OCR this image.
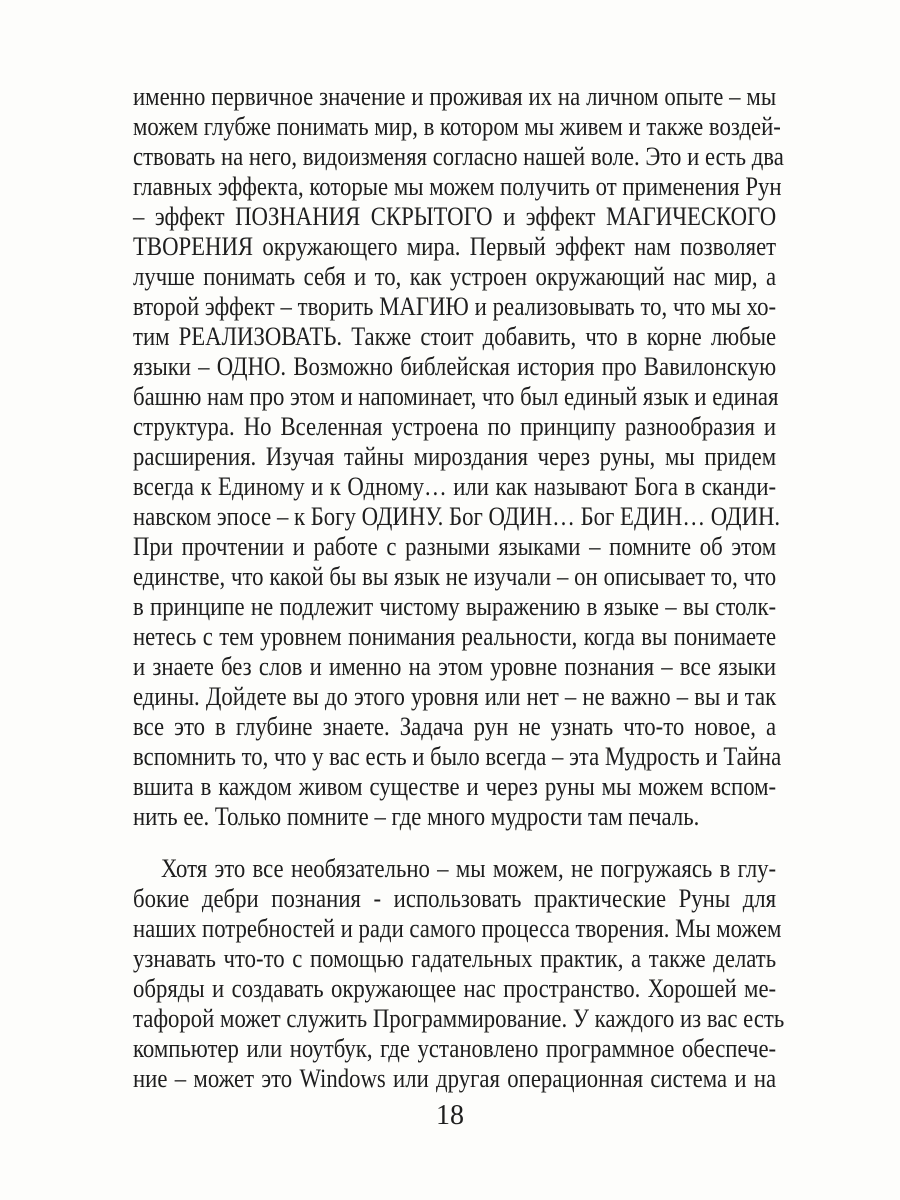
именно первичное значение и проживая их на личном опыте – мы
можем глубже понимать мир, в котором мы живем и также воздей-
ствовать на него, видоизменяя согласно нашей воле. Это и есть два
главных эффекта, которые мы можем получить от применения Рун
– эффект ПОЗНАНИЯ СКРЫТОГО и эффект МАГИЧЕСКОГО
ТВОРЕНИЯ окружающего мира. Первый эффект нам позволяет
лучше понимать себя и то, как устроен окружающий нас мир, а
второй эффект – творить МАГИЮ и реализовывать то, что мы хо-
тим РЕАЛИЗОВАТЬ. Также стоит добавить, что в корне любые
языки – ОДНО. Возможно библейская история про Вавилонскую
башню нам про этом и напоминает, что был единый язык и единая
структура. Но Вселенная устроена по принципу разнообразия и
расширения. Изучая тайны мироздания через руны, мы придем
всегда к Единому и к Одному… или как называют Бога в сканди-
навском эпосе – к Богу ОДИНУ. Бог ОДИН… Бог ЕДИН… ОДИН.
При прочтении и работе с разными языками – помните об этом
единстве, что какой бы вы язык не изучали – он описывает то, что
в принципе не подлежит чистому выражению в языке – вы столк-
нетесь с тем уровнем понимания реальности, когда вы понимаете
и знаете без слов и именно на этом уровне познания – все языки
едины. Дойдете вы до этого уровня или нет – не важно – вы и так
все это в глубине знаете. Задача рун не узнать что-то новое, а
вспомнить то, что у вас есть и было всегда – эта Мудрость и Тайна
вшита в каждом живом существе и через руны мы можем вспом-
нить ее. Только помните – где много мудрости там печаль.
Хотя это все необязательно – мы можем, не погружаясь в глу-
бокие дебри познания - использовать практические Руны для
наших потребностей и ради самого процесса творения. Мы можем
узнавать что-то с помощью гадательных практик, а также делать
обряды и создавать окружающее нас пространство. Хорошей ме-
тафорой может служить Программирование. У каждого из вас есть
компьютер или ноутбук, где установлено программное обеспече-
ние – может это Windows или другая операционная система и на
18
